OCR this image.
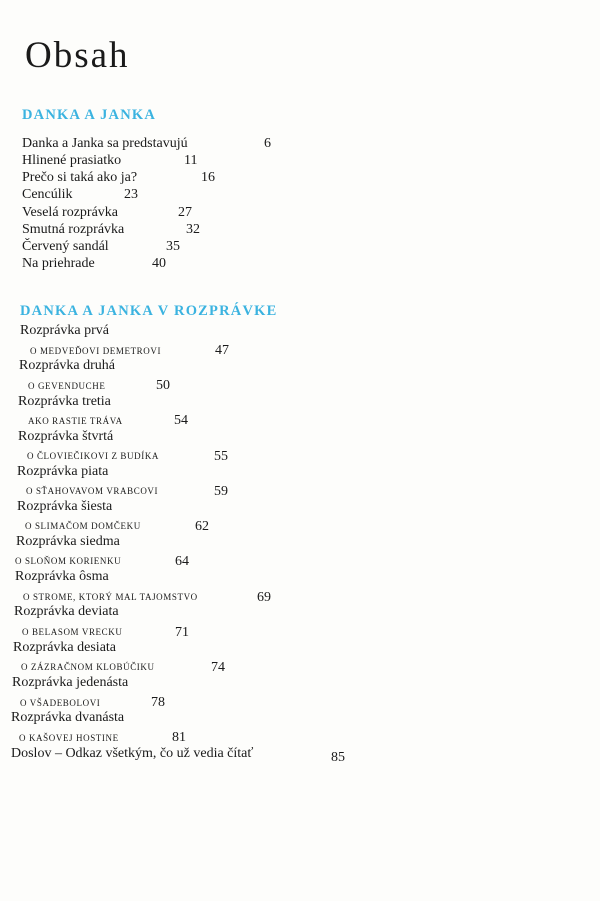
Obsah
DANKA A JANKA
Danka a Janka sa predstavujú	6
Hlinené prasiatko	11
Prečo si taká ako ja?	16
Cencúlik	23
Veselá rozprávka	27
Smutná rozprávka	32
Červený sandál	35
Na priehrade	40
DANKA A JANKA V ROZPRÁVKE
Rozprávka prvá
O MEDVEĎOVI DEMETROVI	47
Rozprávka druhá
O GEVENDUCHE	50
Rozprávka tretia
AKO RASTIE TRÁVA	54
Rozprávka štvrtá
O ČLOVIEČIKOVI Z BUDÍKA	55
Rozprávka piata
O SŤAHOVAVOM VRABCOVI	59
Rozprávka šiesta
O SLIMAČOM DOMČEKU	62
Rozprávka siedma
O SLOŇOM KORIENKU	64
Rozprávka ôsma
O STROME, KTORÝ MAL TAJOMSTVO	69
Rozprávka deviata
O BELASOM VRECKU	71
Rozprávka desiata
O ZÁZRAČNOM KLOBÚČIKU	74
Rozprávka jedenásta
O VŠADEBOLOVI	78
Rozprávka dvanásta
O KAŠOVEJ HOSTINE	81
Doslov – Odkaz všetkým, čo už vedia čítať	85
